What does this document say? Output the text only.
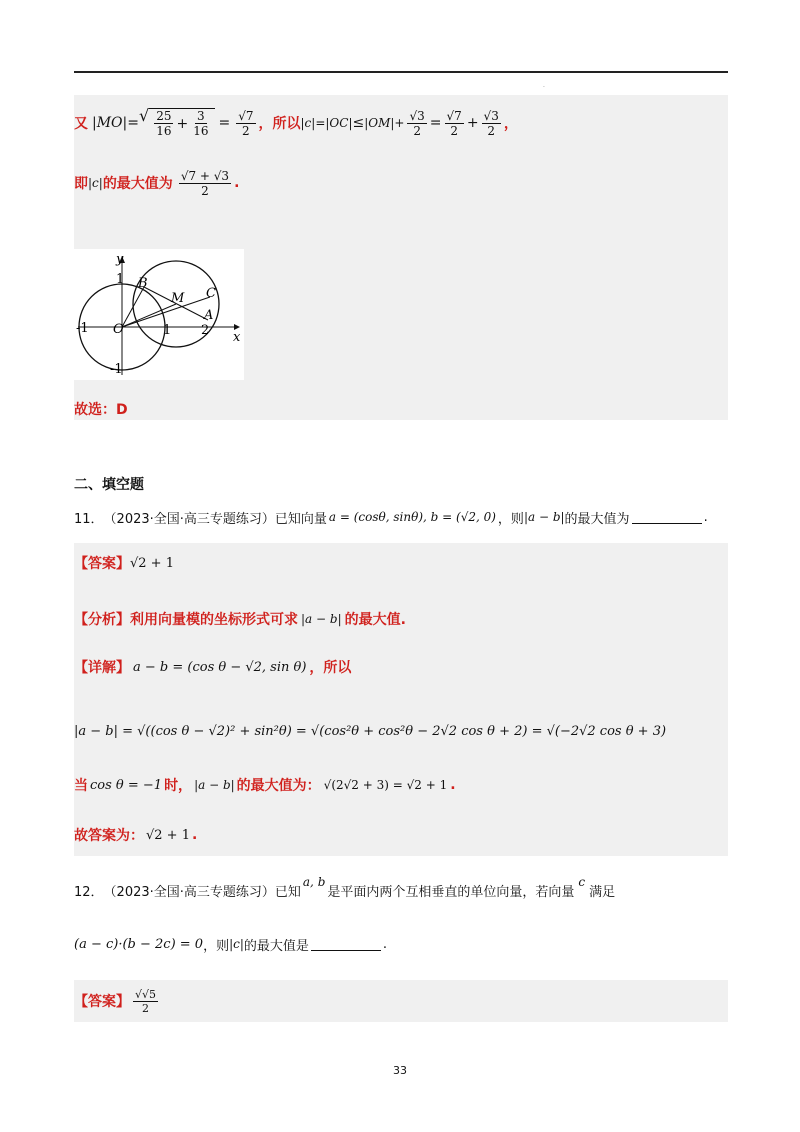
·
又 |MO|= √ $\frac{25}{16} + \frac{3}{16} = \frac{√7}{2}$ ，所以 $|c|=|OC| \le |OM|+ \frac{√3}{2} = \frac{√7}{2} + \frac{√3}{2}$ ，
即 |c| 的最大值为 $\frac{√7 + √3}{2}$ .
y
x
1 B
M C
A
-1 O	1 2
-1
故选：D
二、填空题
11． （2023·全国·高三专题练习）已知向量 a = (cosθ, sinθ), b = (√2, 0) ，则 |a − b| 的最大值为	.
【答案】 √2 + 1
【分析】 利用向量模的坐标形式可求 |a − b| 的最大值.
【详解】 a − b = (cos θ − √2, sin θ) ，所以
|a − b| = √((cos θ − √2)² + sin²θ) = √(cos²θ + cos²θ − 2√2 cos θ + 2) = √(−2√2 cos θ + 3)
当 cos θ = −1 时， |a − b| 的最大值为： √(2√2 + 3) = √2 + 1 .
故答案为： √2 + 1 .
12． （2023·全国·高三专题练习）已知
a, b
是平面内两个互相垂直的单位向量，若向量
c
满足
(a − c)·(b − 2c) = 0 ，则 |c| 的最大值是	.
【答案】 $\frac{√√5}{2}$
33
